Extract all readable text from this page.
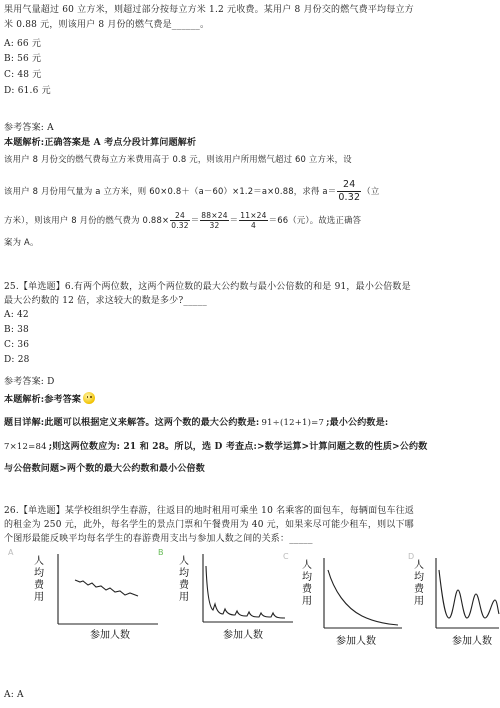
果用气量超过 60 立方米，则超过部分按每立方米 1.2 元收费。某用户 8 月份交的燃气费平均每立方
米 0.88 元，则该用户 8 月份的燃气费是______。
A: 66 元
B: 56 元
C: 48 元
D: 61.6 元
参考答案: A
本题解析:正确答案是 A 考点分段计算问题解析
该用户 8 月份交的燃气费每立方米费用高于 0.8 元，则该用户所用燃气超过 60 立方米，设
该用户 8 月份用气量为 a 立方米，则 60×0.8＋（a－60）×1.2＝a×0.88，求得 $a= \frac{24}{0.32}$ （立
方米），则该用户 8 月份的燃气费为 $0.88\times \frac{24}{0.32} = \frac{88\times 24}{32} = \frac{11\times 24}{4} =66$（元）。故选正确答
案为 A。
25.【单选题】6.有两个两位数，这两个两位数的最大公约数与最小公倍数的和是 91，最小公倍数是
最大公约数的 12 倍，求这较大的数是多少?_____
A: 42
B: 38
C: 36
D: 28
参考答案: D
本题解析:参考答案
题目详解:此题可以根据定义来解答。这两个数的最大公约数是: 91÷(12+1)=7 ;最小公约数是:
7×12=84 ;则这两位数应为: 21 和 28。所以，选 D 考查点:>数学运算>计算问题之数的性质>公约数
与公倍数问题>两个数的最大公约数和最小公倍数
26.【单选题】某学校组织学生春游，往返目的地时租用可乘坐 10 名乘客的面包车，每辆面包车往返
的租金为 250 元，此外，每名学生的景点门票和午餐费用为 40 元，如果来尽可能少租车，则以下哪
个图形最能反映平均每名学生的春游费用支出与参加人数之间的关系：_____
A	B	C	D
人
均
费
用
参加人数
人
均
费
用
参加人数
人
均
费
用
参加人数
人
均
费
用
参加人数
A: A
